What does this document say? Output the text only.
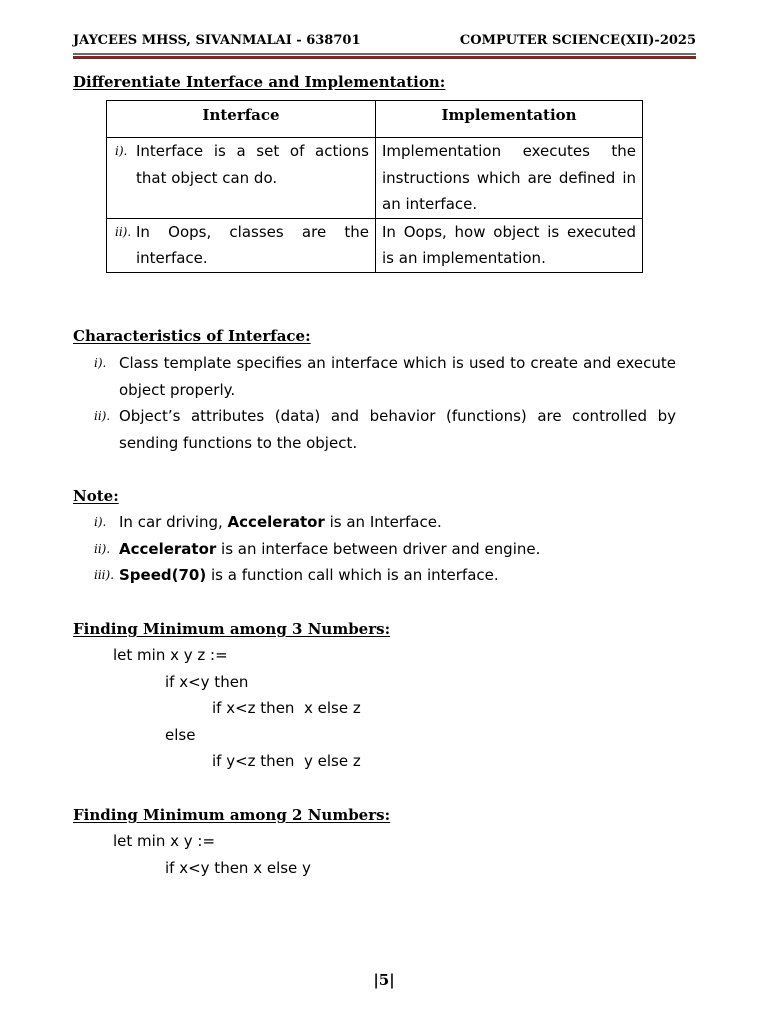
JAYCEES MHSS, SIVANMALAI - 638701	COMPUTER SCIENCE(XII)-2025
Differentiate Interface and Implementation:
Interface	Implementation

i). Interface is a set of actions that object can do.	Implementation executes the instructions which are defined in an interface.

ii). In Oops, classes are the interface.	In Oops, how object is executed is an implementation.
Characteristics of Interface:
i). Class template specifies an interface which is used to create and execute object properly.
ii). Object’s attributes (data) and behavior (functions) are controlled by sending functions to the object.
Note:
i). In car driving, Accelerator is an Interface.
ii). Accelerator is an interface between driver and engine.
iii). Speed(70) is a function call which is an interface.
Finding Minimum among 3 Numbers:
let min x y z :=
if x<y then
if x<z then  x else z
else
if y<z then  y else z
Finding Minimum among 2 Numbers:
let min x y :=
if x<y then x else y
|5|
